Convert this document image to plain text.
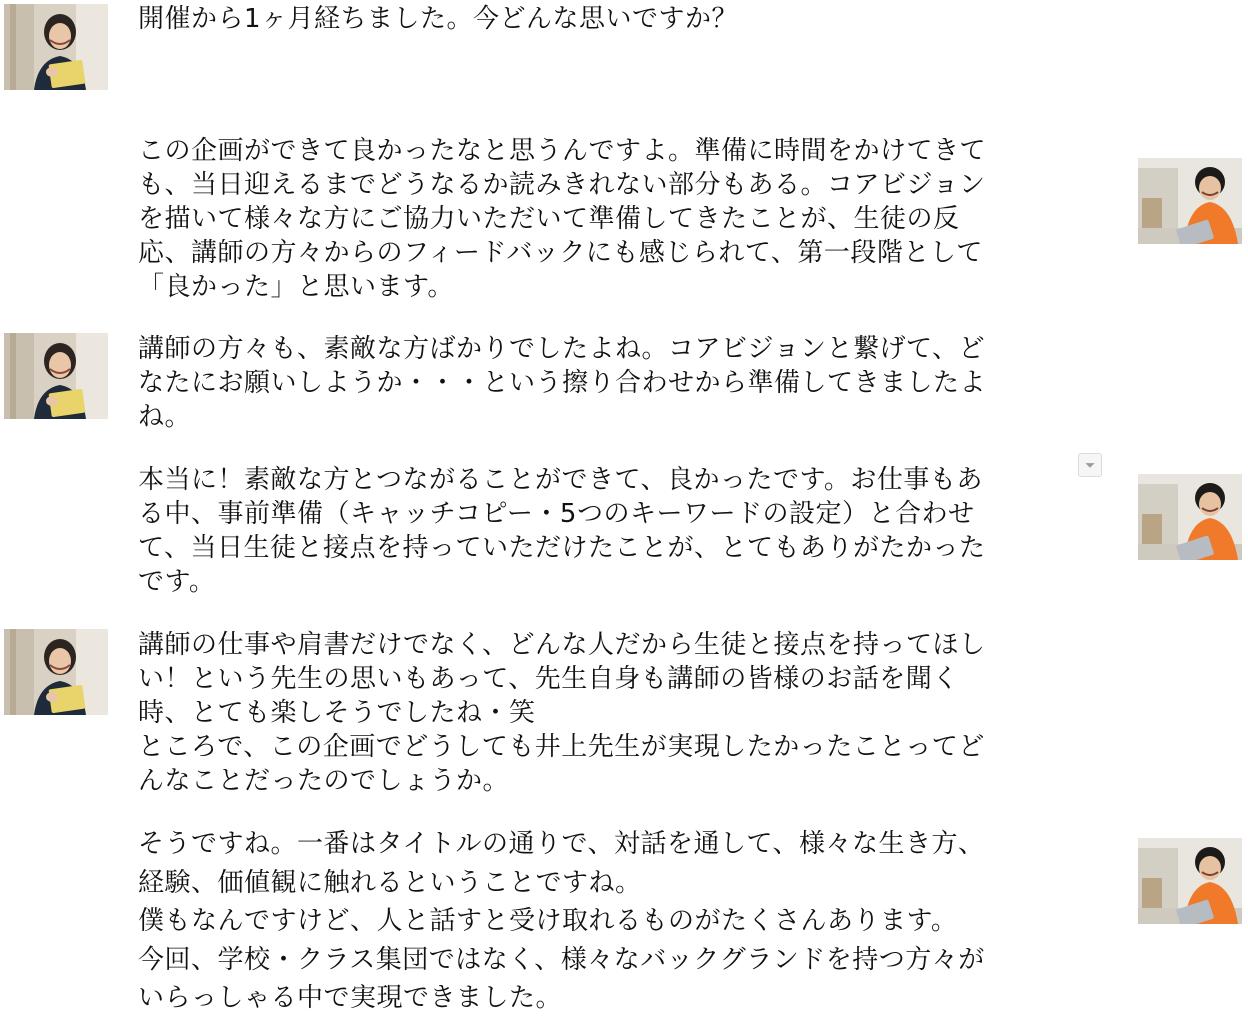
開催から1ヶ月経ちました。今どんな思いですか？
この企画ができて良かったなと思うんですよ。準備に時間をかけてきて
も、当日迎えるまでどうなるか読みきれない部分もある。コアビジョン
を描いて様々な方にご協力いただいて準備してきたことが、生徒の反
応、講師の方々からのフィードバックにも感じられて、第一段階として
「良かった」と思います。
講師の方々も、素敵な方ばかりでしたよね。コアビジョンと繋げて、ど
なたにお願いしようか・・・という擦り合わせから準備してきましたよ
ね。
本当に！素敵な方とつながることができて、良かったです。お仕事もあ
る中、事前準備（キャッチコピー・5つのキーワードの設定）と合わせ
て、当日生徒と接点を持っていただけたことが、とてもありがたかった
です。
講師の仕事や肩書だけでなく、どんな人だから生徒と接点を持ってほし
い！という先生の思いもあって、先生自身も講師の皆様のお話を聞く
時、とても楽しそうでしたね・笑
ところで、この企画でどうしても井上先生が実現したかったことってど
んなことだったのでしょうか。
そうですね。一番はタイトルの通りで、対話を通して、様々な生き方、
経験、価値観に触れるということですね。
僕もなんですけど、人と話すと受け取れるものがたくさんあります。
今回、学校・クラス集団ではなく、様々なバックグランドを持つ方々が
いらっしゃる中で実現できました。
